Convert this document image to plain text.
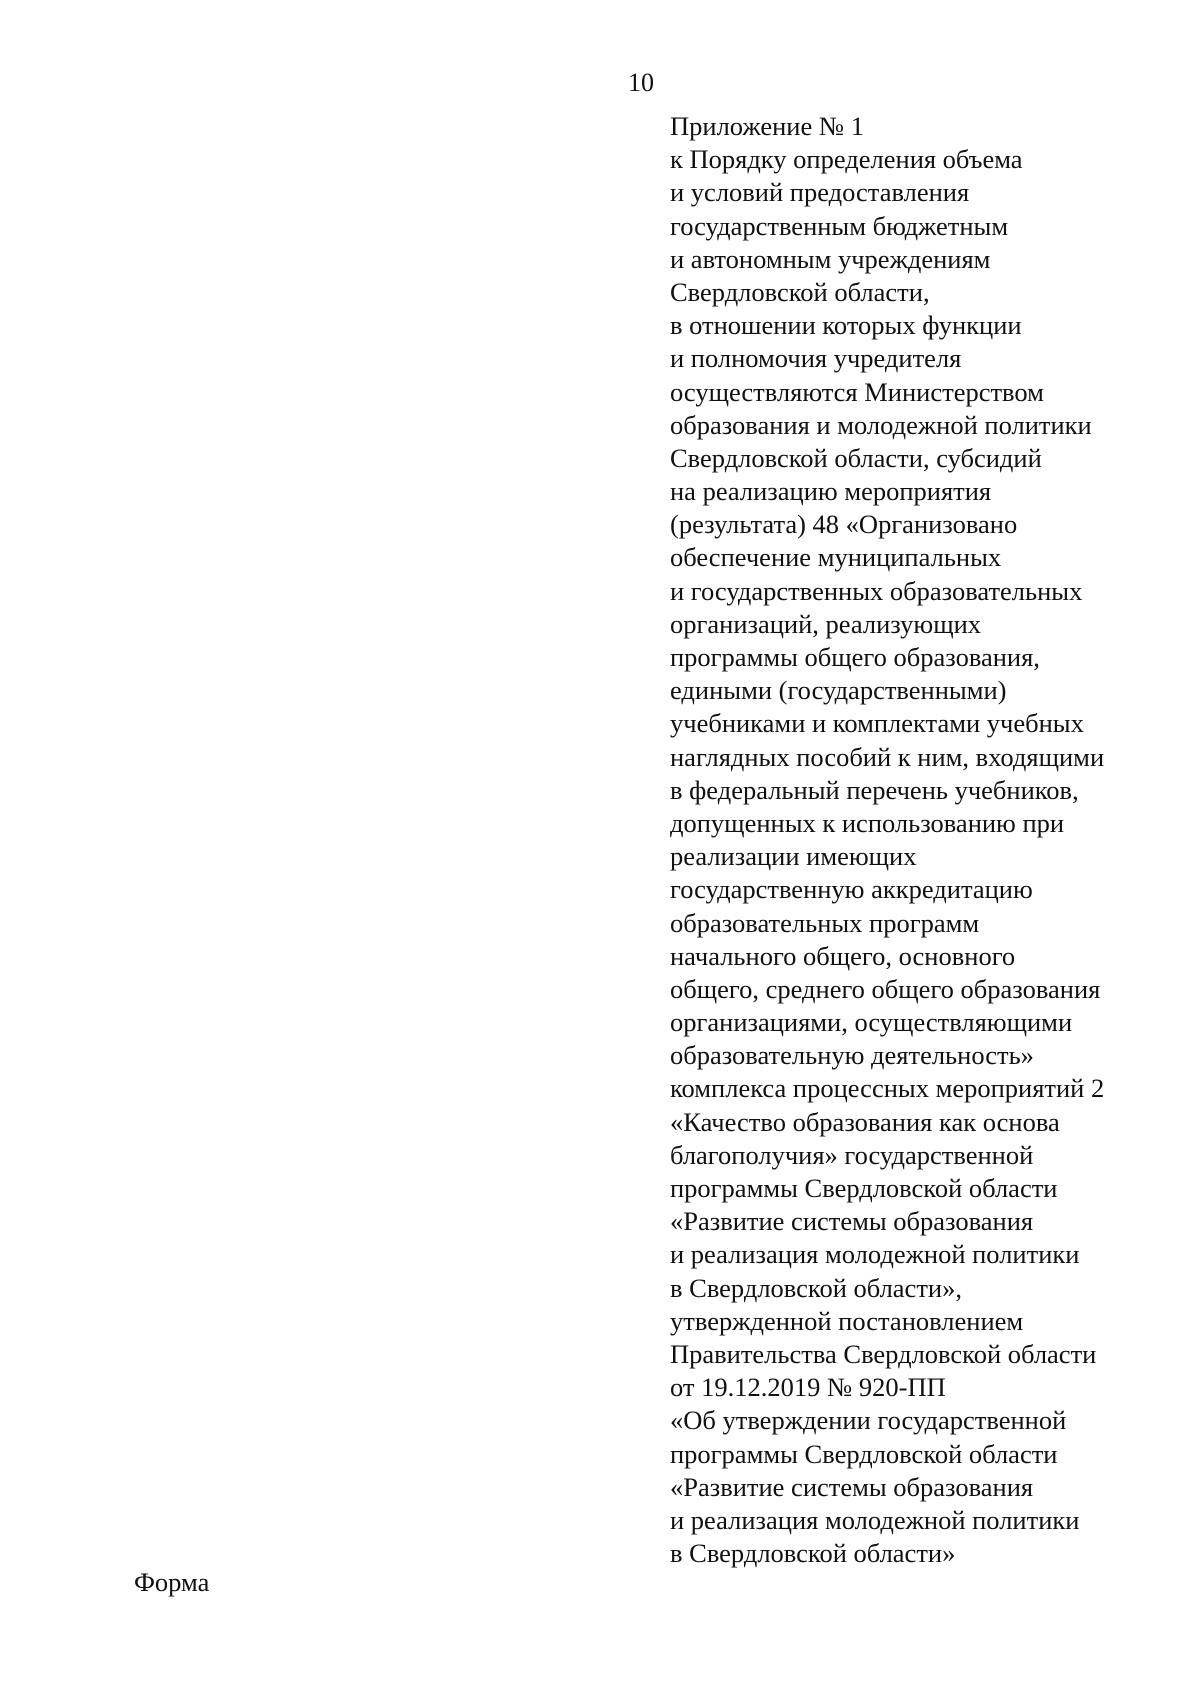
10
Приложение № 1
к Порядку определения объема
и условий предоставления
государственным бюджетным
и автономным учреждениям
Свердловской области,
в отношении которых функции
и полномочия учредителя
осуществляются Министерством
образования и молодежной политики
Свердловской области, субсидий
на реализацию мероприятия
(результата) 48 «Организовано
обеспечение муниципальных
и государственных образовательных
организаций, реализующих
программы общего образования,
едиными (государственными)
учебниками и комплектами учебных
наглядных пособий к ним, входящими
в федеральный перечень учебников,
допущенных к использованию при
реализации имеющих
государственную аккредитацию
образовательных программ
начального общего, основного
общего, среднего общего образования
организациями, осуществляющими
образовательную деятельность»
комплекса процессных мероприятий 2
«Качество образования как основа
благополучия» государственной
программы Свердловской области
«Развитие системы образования
и реализация молодежной политики
в Свердловской области»,
утвержденной постановлением
Правительства Свердловской области
от 19.12.2019 № 920-ПП
«Об утверждении государственной
программы Свердловской области
«Развитие системы образования
и реализация молодежной политики
в Свердловской области»
Форма
